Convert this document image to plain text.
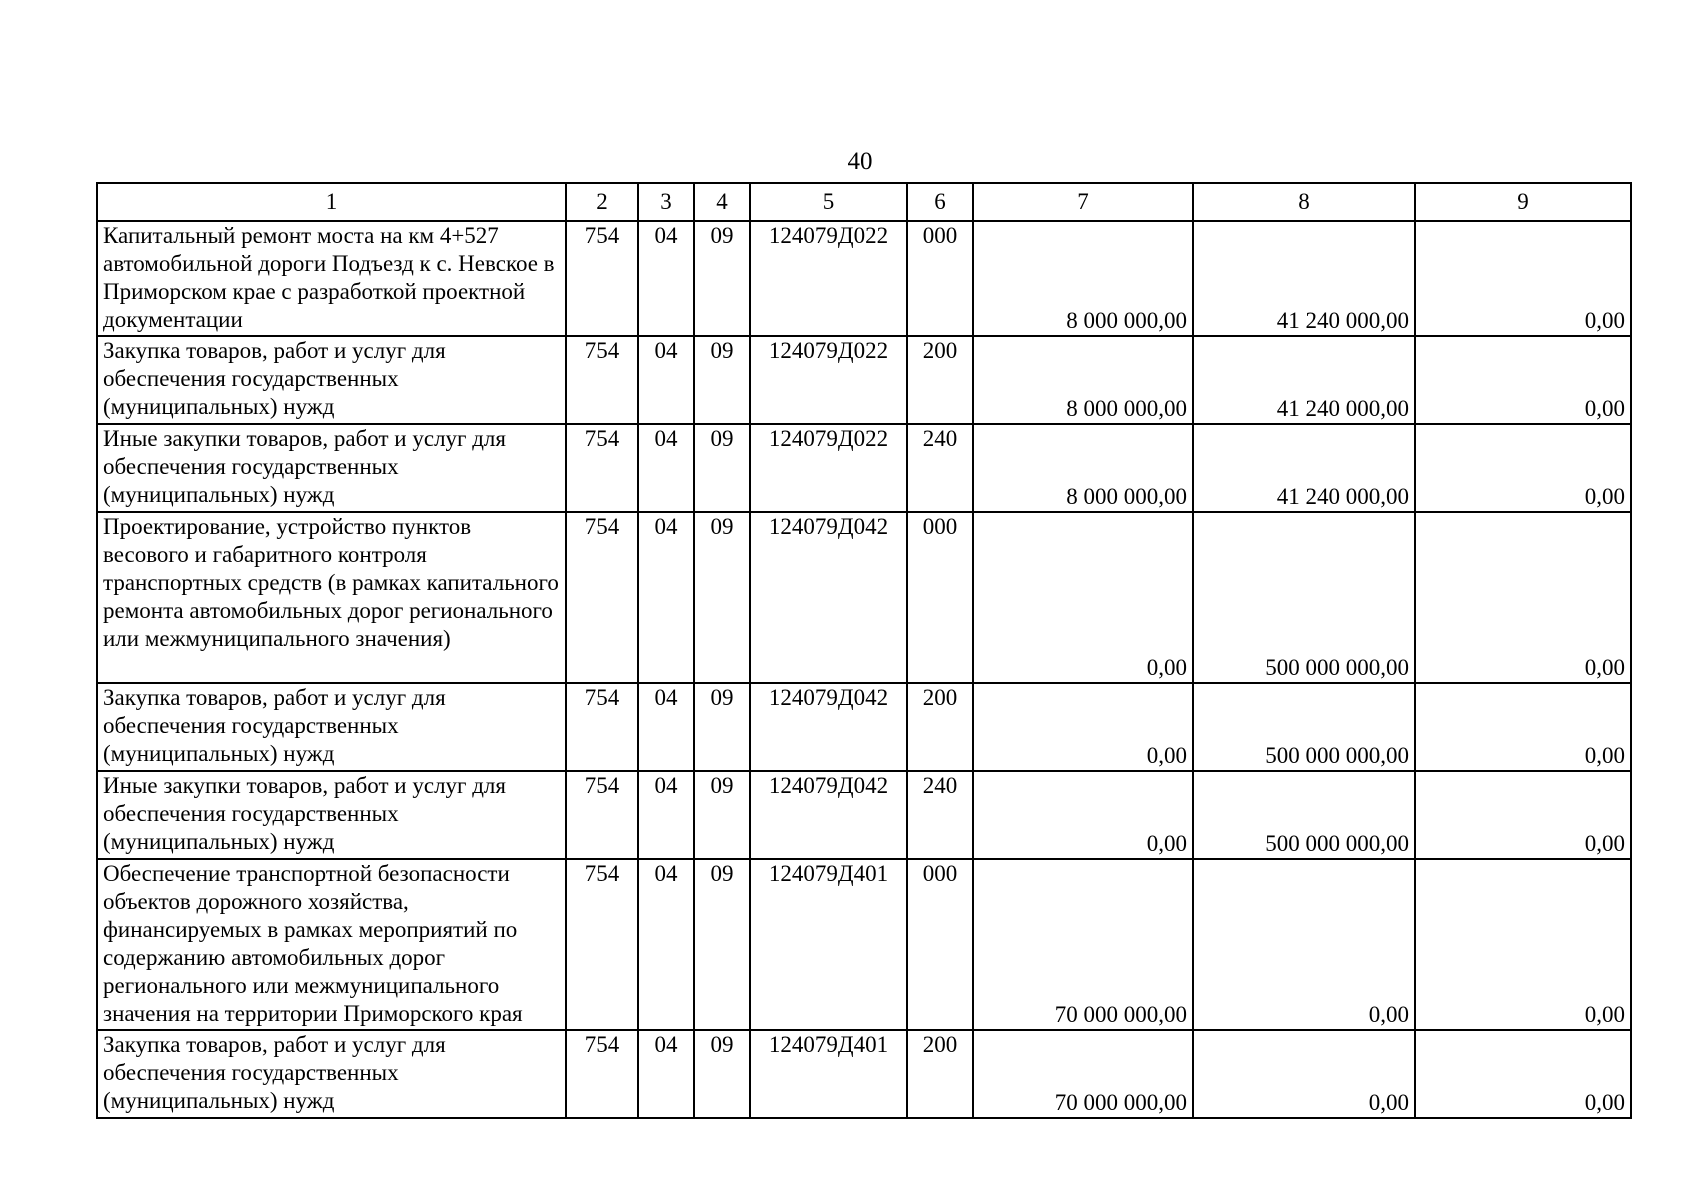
40
1	2	3	4	5	6	7	8	9
Капитальный ремонт моста на км 4+527 автомобильной дороги Подъезд к с. Невское в Приморском крае с разработкой проектной документации	754	04	09	124079Д022	000	8 000 000,00	41 240 000,00	0,00
Закупка товаров, работ и услуг для обеспечения государственных (муниципальных) нужд	754	04	09	124079Д022	200	8 000 000,00	41 240 000,00	0,00
Иные закупки товаров, работ и услуг для обеспечения государственных (муниципальных) нужд	754	04	09	124079Д022	240	8 000 000,00	41 240 000,00	0,00
Проектирование, устройство пунктов весового и габаритного контроля транспортных средств (в рамках капитального ремонта автомобильных дорог регионального или межмуниципального значения)	754	04	09	124079Д042	000	0,00	500 000 000,00	0,00
Закупка товаров, работ и услуг для обеспечения государственных (муниципальных) нужд	754	04	09	124079Д042	200	0,00	500 000 000,00	0,00
Иные закупки товаров, работ и услуг для обеспечения государственных (муниципальных) нужд	754	04	09	124079Д042	240	0,00	500 000 000,00	0,00
Обеспечение транспортной безопасности объектов дорожного хозяйства, финансируемых в рамках мероприятий по содержанию автомобильных дорог регионального или межмуниципального значения на территории Приморского края	754	04	09	124079Д401	000	70 000 000,00	0,00	0,00
Закупка товаров, работ и услуг для обеспечения государственных (муниципальных) нужд	754	04	09	124079Д401	200	70 000 000,00	0,00	0,00
